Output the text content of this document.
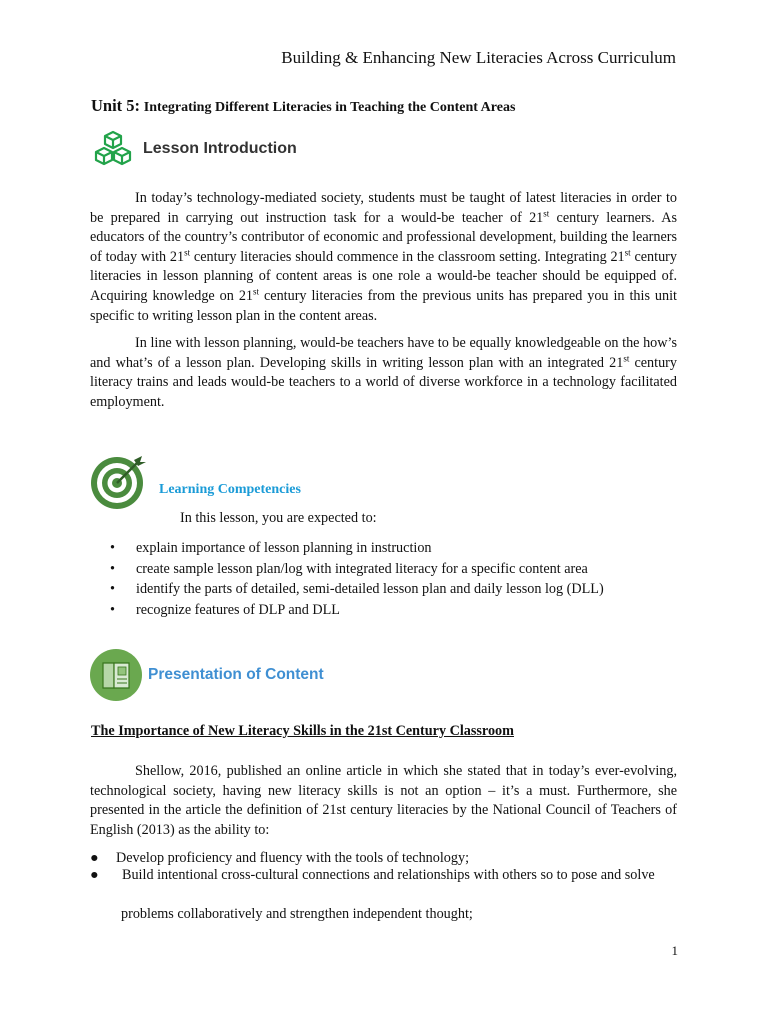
Building & Enhancing New Literacies Across Curriculum
Unit 5: Integrating Different Literacies in Teaching the Content Areas
Lesson Introduction

In today’s technology-mediated society, students must be taught of latest literacies in order to be prepared in carrying out instruction task for a would-be teacher of 21st century learners. As educators of the country’s contributor of economic and professional development, building the learners of today with 21st century literacies should commence in the classroom setting. Integrating 21st century literacies in lesson planning of content areas is one role a would-be teacher should be equipped of. Acquiring knowledge on 21st century literacies from the previous units has prepared you in this unit specific to writing lesson plan in the content areas.

In line with lesson planning, would-be teachers have to be equally knowledgeable on the how’s and what’s of a lesson plan. Developing skills in writing lesson plan with an integrated 21st century literacy trains and leads would-be teachers to a world of diverse workforce in a technology facilitated employment.

Learning Competencies
In this lesson, you are expected to:
• explain importance of lesson planning in instruction
• create sample lesson plan/log with integrated literacy for a specific content area
• identify the parts of detailed, semi-detailed lesson plan and daily lesson log (DLL)
• recognize features of DLP and DLL
Presentation of Content
The Importance of New Literacy Skills in the 21st Century Classroom

Shellow, 2016, published an online article in which she stated that in today’s ever-evolving, technological society, having new literacy skills is not an option – it’s a must. Furthermore, she presented in the article the definition of 21st century literacies by the National Council of Teachers of English (2013) as the ability to:

● Develop proficiency and fluency with the tools of technology;
● Build intentional cross-cultural connections and relationships with others so to pose and solve
problems collaboratively and strengthen independent thought;
1
